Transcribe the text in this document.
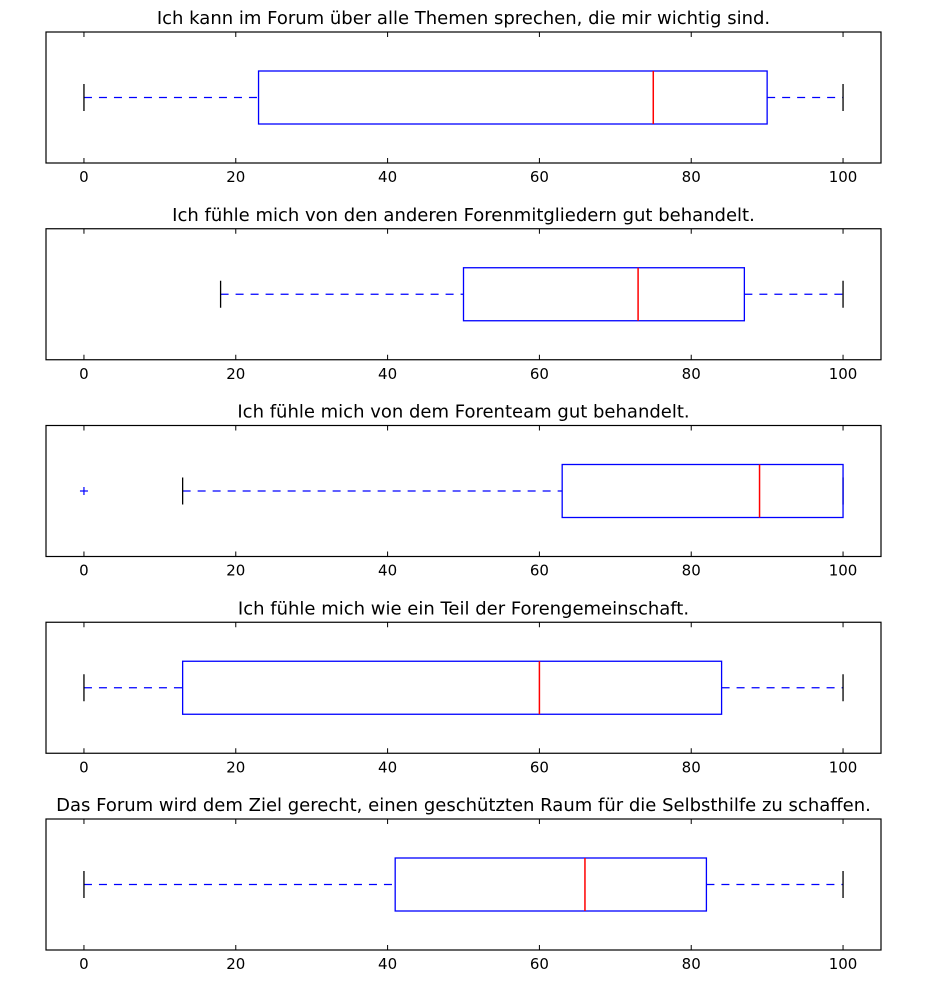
Ich kann im Forum über alle Themen sprechen, die mir wichtig sind.
0	20	40	60	80	100
Ich fühle mich von den anderen Forenmitgliedern gut behandelt.
0	20	40	60	80	100
Ich fühle mich von dem Forenteam gut behandelt.
0	20	40	60	80	100
Ich fühle mich wie ein Teil der Forengemeinschaft.
0	20	40	60	80	100
Das Forum wird dem Ziel gerecht, einen geschützten Raum für die Selbsthilfe zu schaffen.
0	20	40	60	80	100
